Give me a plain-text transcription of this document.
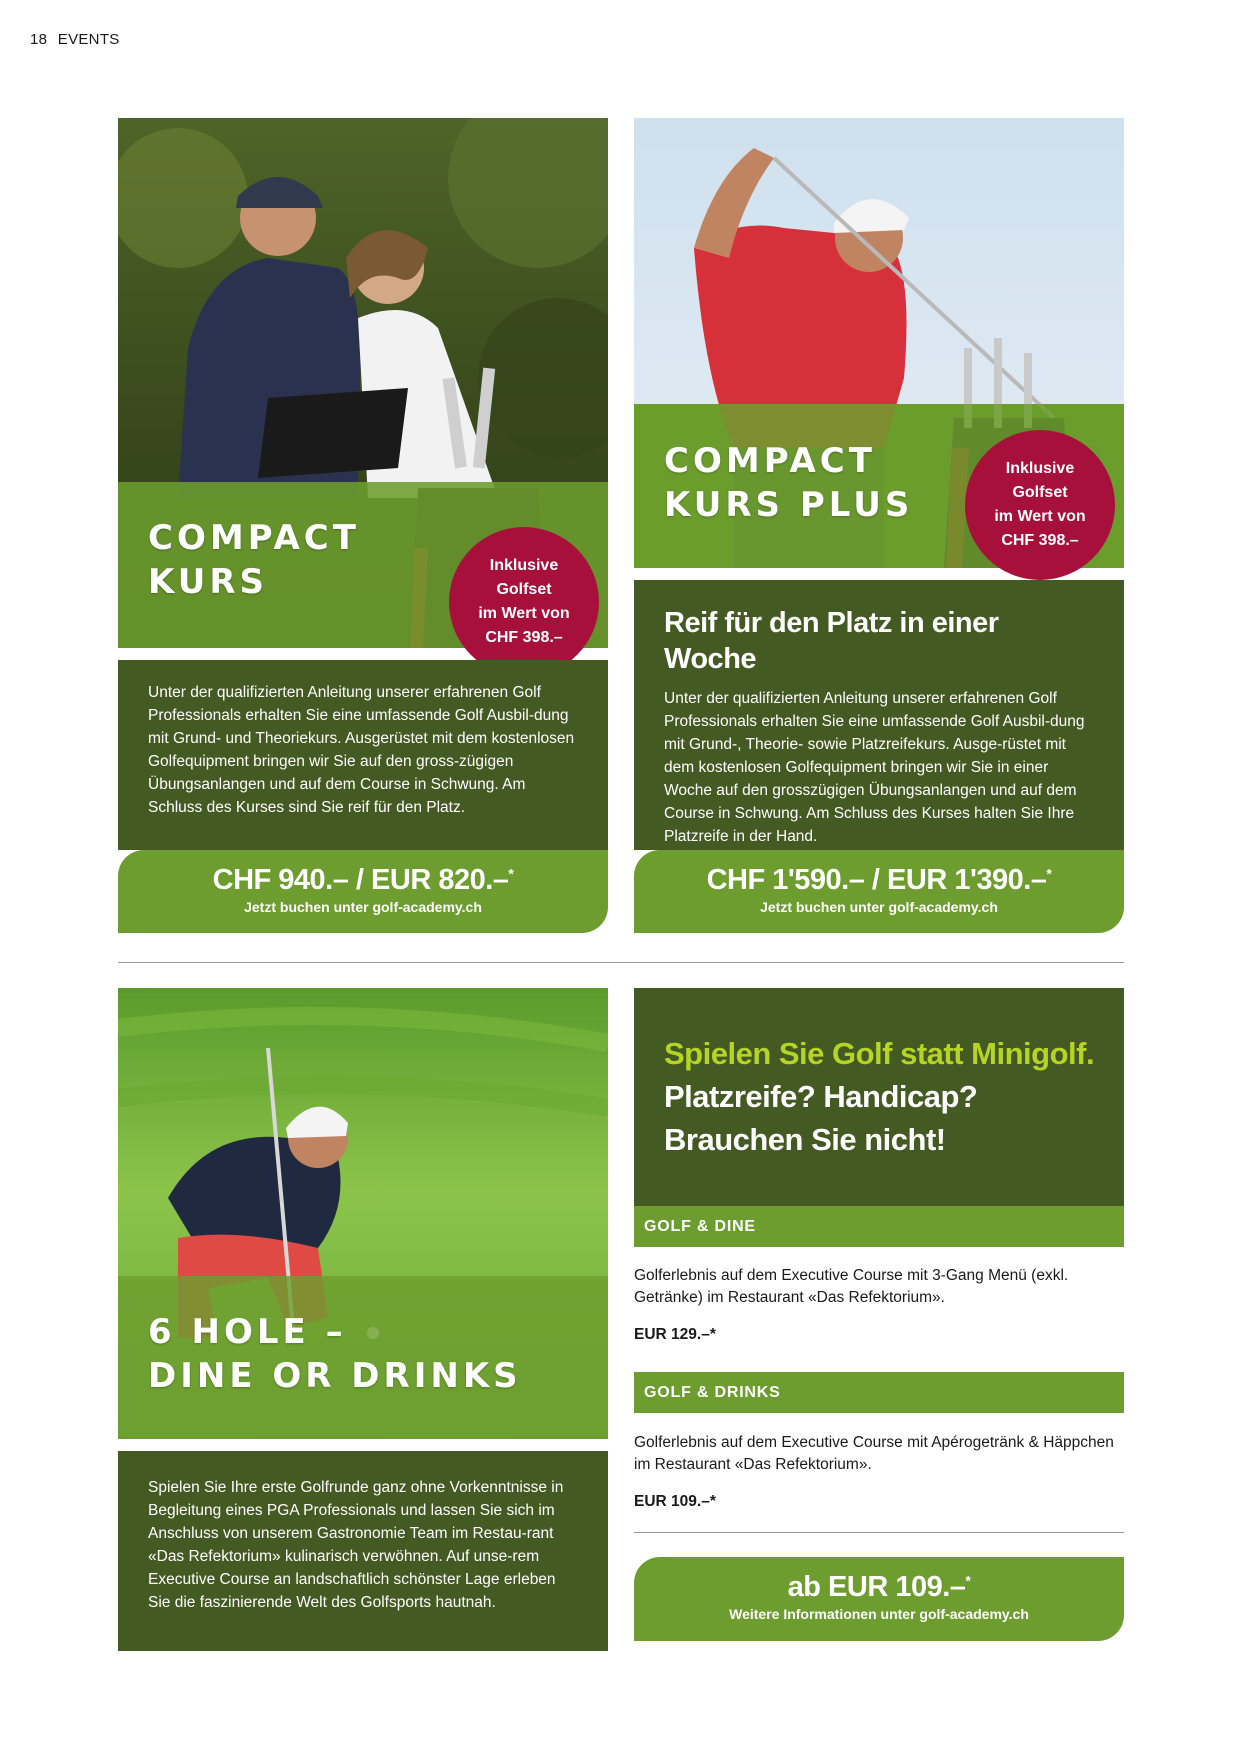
18 EVENTS
COMPACT
KURS	Inklusive
Golfset
im Wert von
CHF 398.–

Unter der qualifizierten Anleitung unserer erfahrenen Golf Professionals erhalten Sie eine umfassende Golf Ausbil-dung mit Grund- und Theoriekurs. Ausgerüstet mit dem kostenlosen Golfequipment bringen wir Sie auf den gross-zügigen Übungsanlangen und auf dem Course in Schwung. Am Schluss des Kurses sind Sie reif für den Platz.

CHF 940.– / EUR 820.–*
Jetzt buchen unter golf-academy.ch
COMPACT
KURS PLUS
Inklusive
Golfset
im Wert von
CHF 398.–
Reif für den Platz in einer Woche

Unter der qualifizierten Anleitung unserer erfahrenen Golf Professionals erhalten Sie eine umfassende Golf Ausbil-dung mit Grund-, Theorie- sowie Platzreifekurs. Ausge-rüstet mit dem kostenlosen Golfequipment bringen wir Sie in einer Woche auf den grosszügigen Übungsanlangen und auf dem Course in Schwung. Am Schluss des Kurses halten Sie Ihre Platzreife in der Hand.

CHF 1'590.– / EUR 1'390.–*
Jetzt buchen unter golf-academy.ch
6 HOLE –
DINE OR DRINKS

Spielen Sie Ihre erste Golfrunde ganz ohne Vorkenntnisse in Begleitung eines PGA Professionals und lassen Sie sich im Anschluss von unserem Gastronomie Team im Restau-rant «Das Refektorium» kulinarisch verwöhnen. Auf unse-rem Executive Course an landschaftlich schönster Lage erleben Sie die faszinierende Welt des Golfsports hautnah.

Spielen Sie Golf statt Minigolf.
Platzreife? Handicap?
Brauchen Sie nicht!
GOLF & DINE
Golferlebnis auf dem Executive Course mit 3-Gang Menü (exkl. Getränke) im Restaurant «Das Refektorium».
EUR 129.–*
GOLF & DRINKS
Golferlebnis auf dem Executive Course mit Apérogetränk & Häppchen im Restaurant «Das Refektorium».
EUR 109.–*
ab EUR 109.–*
Weitere Informationen unter golf-academy.ch
